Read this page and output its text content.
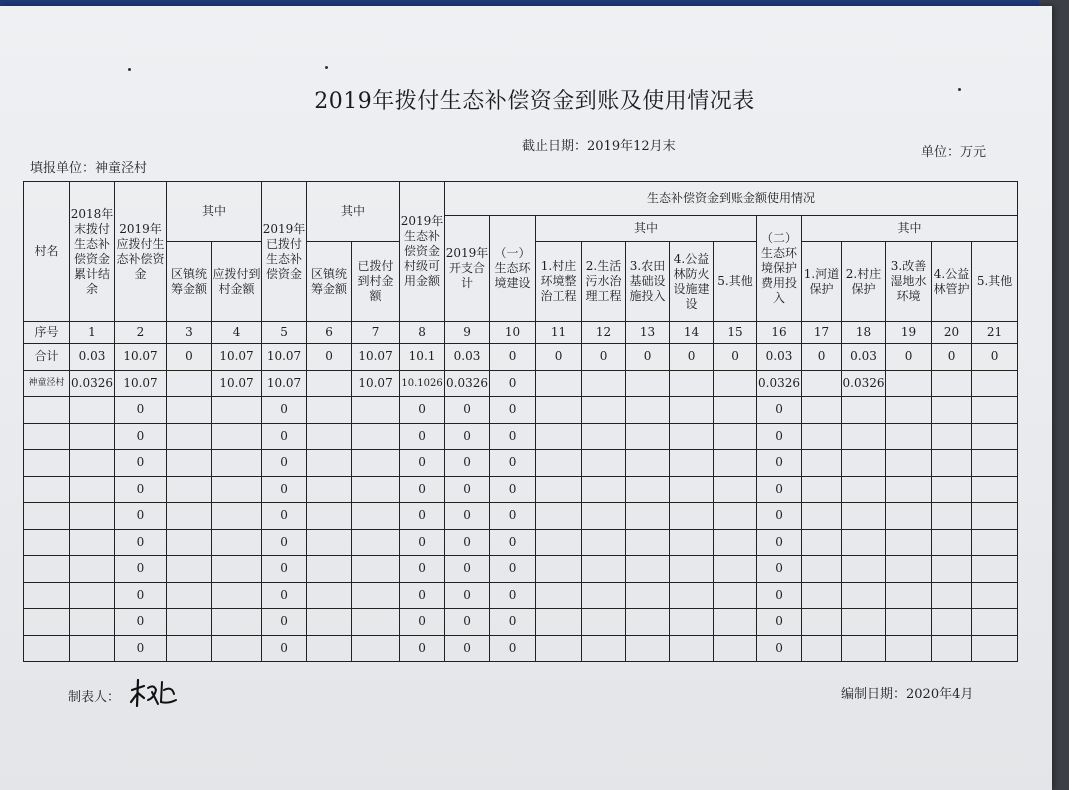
2019年拨付生态补偿资金到账及使用情况表
截止日期：2019年12月末	单位：万元
填报单位：神童泾村
村名	2018年末拨付生态补偿资金累计结余	2019年应拨付生态补偿资金	其中		2019年已拨付生态补偿资金	其中		2019年生态补偿资金村级可用金额	生态补偿资金到账金额使用情况												
									2019年开支合计	（一）生态环境建设	其中					（二）生态环境保护费用投入	其中				
			区镇统筹金额	应拨付到村金额		区镇统筹金额	已拨付到村金额				1.村庄环境整治工程	2.生活污水治理工程	3.农田基础设施投入	4.公益林防火设施建设	5.其他		1.河道保护	2.村庄保护	3.改善湿地水环境	4.公益林管护	5.其他
序号	1	2	3	4	5	6	7	8	9	10	11	12	13	14	15	16	17	18	19	20	21
合计	0.03	10.07	0	10.07	10.07	0	10.07	10.1	0.03	0	0	0	0	0	0	0.03	0	0.03	0	0	0
神童泾村	0.0326	10.07		10.07	10.07		10.07	10.1026	0.0326	0						0.0326		0.0326			
		0			0			0	0	0						0					
		0			0			0	0	0						0					
		0			0			0	0	0						0					
		0			0			0	0	0						0					
		0			0			0	0	0						0					
		0			0			0	0	0						0					
		0			0			0	0	0						0					
		0			0			0	0	0						0					
		0			0			0	0	0						0					
		0			0			0	0	0						0					
制表人：	编制日期：2020年4月
